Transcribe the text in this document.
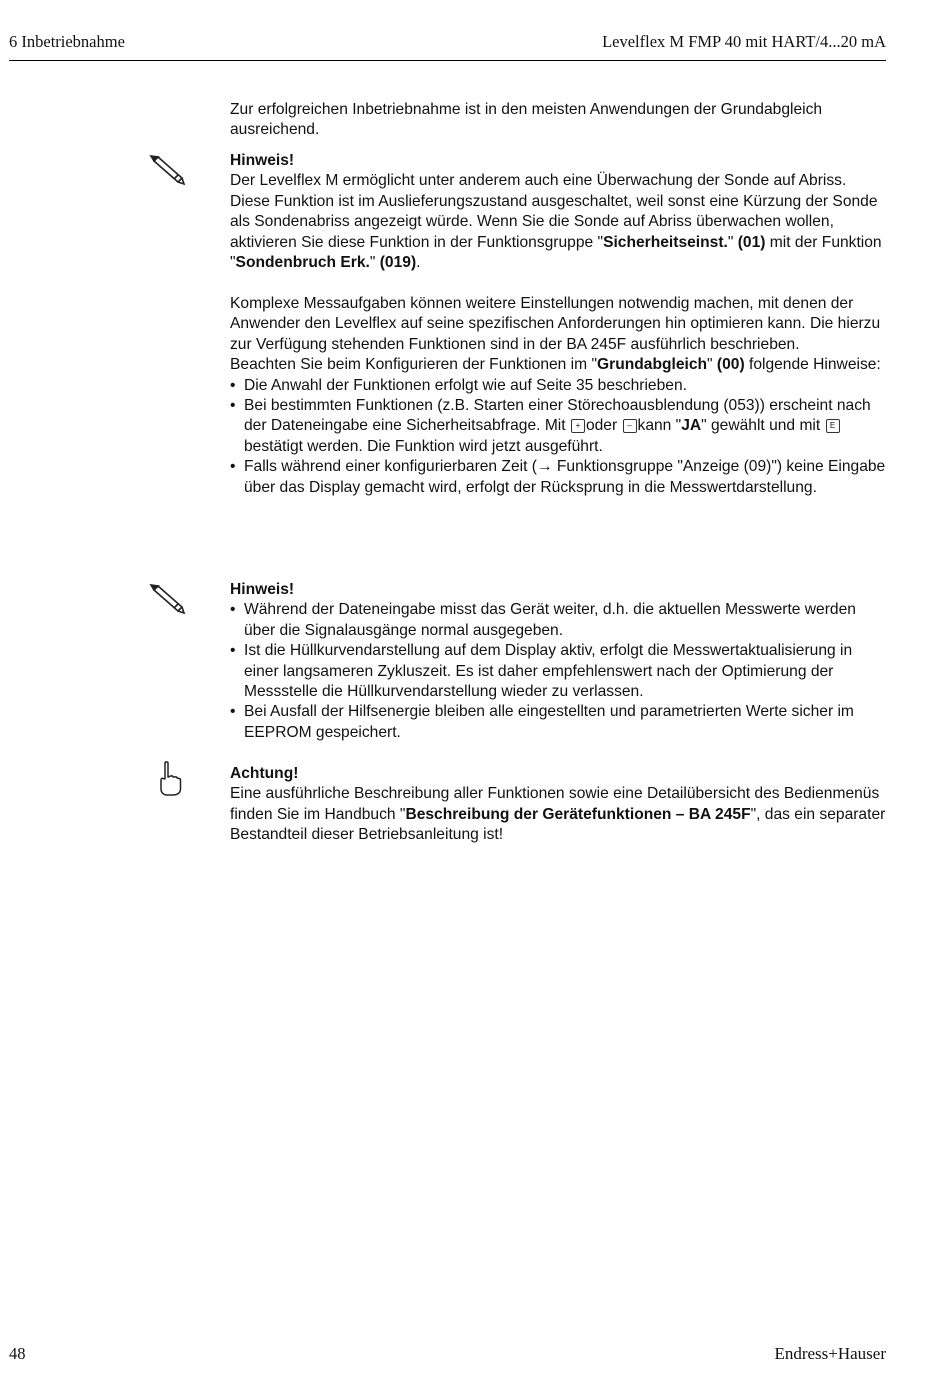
6 Inbetriebnahme	Levelflex M FMP 40 mit HART/4...20 mA

Zur erfolgreichen Inbetriebnahme ist in den meisten Anwendungen der Grundabgleich ausreichend.

Hinweis!

Der Levelflex M ermöglicht unter anderem auch eine Überwachung der Sonde auf Abriss. Diese Funktion ist im Auslieferungszustand ausgeschaltet, weil sonst eine Kürzung der Sonde als Sondenabriss angezeigt würde. Wenn Sie die Sonde auf Abriss überwachen wollen, aktivieren Sie diese Funktion in der Funktionsgruppe "Sicherheitseinst." (01) mit der Funktion "Sondenbruch Erk." (019).

Komplexe Messaufgaben können weitere Einstellungen notwendig machen, mit denen der Anwender den Levelflex auf seine spezifischen Anforderungen hin optimieren kann. Die hierzu zur Verfügung stehenden Funktionen sind in der BA 245F ausführlich beschrieben.

Beachten Sie beim Konfigurieren der Funktionen im "Grundabgleich" (00) folgende Hinweise:

• Die Anwahl der Funktionen erfolgt wie auf Seite 35 beschrieben.
• Bei bestimmten Funktionen (z.B. Starten einer Störechoausblendung (053)) erscheint nach der Dateneingabe eine Sicherheitsabfrage. Mit + oder – kann "JA" gewählt und mit E bestätigt werden. Die Funktion wird jetzt ausgeführt.
• Falls während einer konfigurierbaren Zeit (→ Funktionsgruppe "Anzeige (09)") keine Eingabe über das Display gemacht wird, erfolgt der Rücksprung in die Messwertdarstellung.

Hinweis!

• Während der Dateneingabe misst das Gerät weiter, d.h. die aktuellen Messwerte werden über die Signalausgänge normal ausgegeben.
• Ist die Hüllkurvendarstellung auf dem Display aktiv, erfolgt die Messwertaktualisierung in einer langsameren Zykluszeit. Es ist daher empfehlenswert nach der Optimierung der Messstelle die Hüllkurvendarstellung wieder zu verlassen.
• Bei Ausfall der Hilfsenergie bleiben alle eingestellten und parametrierten Werte sicher im EEPROM gespeichert.

Achtung!

Eine ausführliche Beschreibung aller Funktionen sowie eine Detailübersicht des Bedienmenüs finden Sie im Handbuch "Beschreibung der Gerätefunktionen – BA 245F", das ein separater Bestandteil dieser Betriebsanleitung ist!

48	Endress+Hauser
